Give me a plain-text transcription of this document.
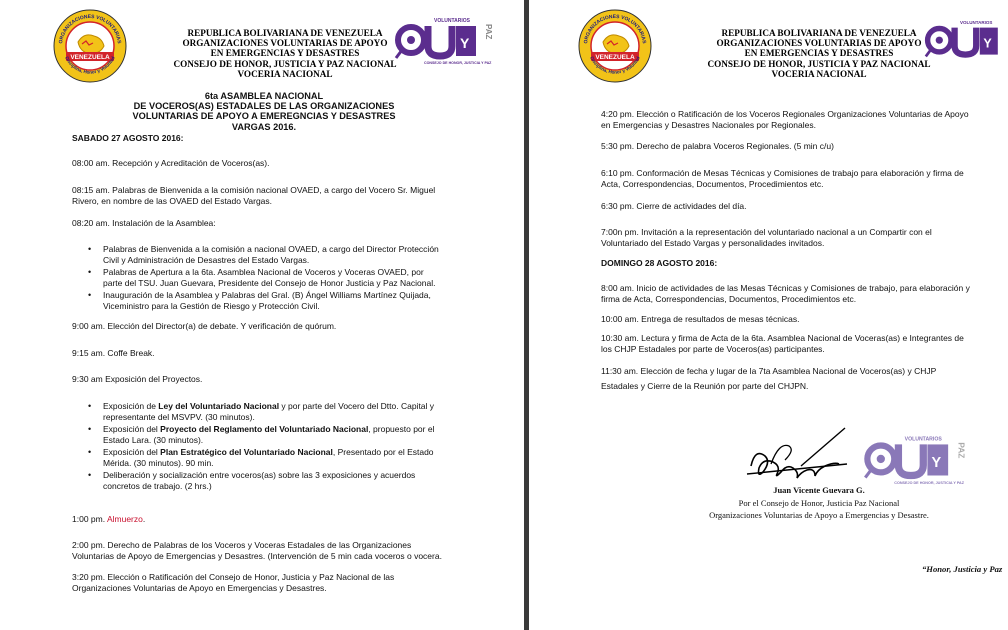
VENEZUELA
ORGANIZACIONES VOLUNTARIAS
Disciplina, Honor y Voluntad
REPUBLICA BOLIVARIANA DE VENEZUELA
ORGANIZACIONES VOLUNTARIAS DE APOYO
EN EMERGENCIAS Y DESASTRES
CONSEJO DE HONOR, JUSTICIA Y PAZ NACIONAL
VOCERIA NACIONAL
VOLUNTARIOS
Y
PAZ
CONSEJO DE HONOR, JUSTICIA Y PAZ
6ta ASAMBLEA NACIONAL
DE VOCEROS(AS) ESTADALES DE LAS ORGANIZACIONES
VOLUNTARIAS DE APOYO A EMEREGNCIAS Y DESASTRES
VARGAS 2016.
SABADO 27 AGOSTO 2016:
08:00 am. Recepción y Acreditación de Voceros(as).
08:15 am. Palabras de Bienvenida a la comisión nacional OVAED, a cargo del Vocero Sr. Miguel
Rivero, en nombre de las OVAED del Estado Vargas.
08:20 am. Instalación de la Asamblea:
• Palabras de Bienvenida a la comisión a nacional OVAED, a cargo del Director Protección
Civil y Administración de Desastres del Estado Vargas.
• Palabras de Apertura a la 6ta. Asamblea Nacional de Voceros y Voceras OVAED, por
parte del TSU. Juan Guevara, Presidente del Consejo de Honor Justicia y Paz Nacional.
• Inauguración de la Asamblea y Palabras del Gral. (B) Ángel Williams Martínez Quijada,
Viceministro para la Gestión de Riesgo y Protección Civil.
9:00 am. Elección del Director(a) de debate. Y verificación de quórum.
9:15 am. Coffe Break.
9:30 am Exposición del Proyectos.
• Exposición de Ley del Voluntariado Nacional y por parte del Vocero del Dtto. Capital y
representante del MSVPV. (30 minutos).
• Exposición del Proyecto del Reglamento del Voluntariado Nacional, propuesto por el
Estado Lara. (30 minutos).
• Exposición del Plan Estratégico del Voluntariado Nacional, Presentado por el Estado
Mérida. (30 minutos). 90 min.
• Deliberación y socialización entre voceros(as) sobre las 3 exposiciones y acuerdos
concretos de trabajo. (2 hrs.)
1:00 pm. Almuerzo.
2:00 pm. Derecho de Palabras de los Voceros y Voceras Estadales de las Organizaciones
Voluntarias de Apoyo de Emergencias y Desastres. (Intervención de 5 min cada voceros o vocera.
3:20 pm. Elección o Ratificación del Consejo de Honor, Justicia y Paz Nacional de las
Organizaciones Voluntarias de Apoyo en Emergencias y Desastres.
VENEZUELA
ORGANIZACIONES VOLUNTARIAS
Disciplina, Honor y Voluntad
REPUBLICA BOLIVARIANA DE VENEZUELA
ORGANIZACIONES VOLUNTARIAS DE APOYO
EN EMERGENCIAS Y DESASTRES
CONSEJO DE HONOR, JUSTICIA Y PAZ NACIONAL
VOCERIA NACIONAL
VOLUNTARIOS
Y
4:20 pm. Elección o Ratificación de los Voceros Regionales Organizaciones Voluntarias de Apoyo
en Emergencias y Desastres Nacionales por Regionales.
5:30 pm. Derecho de palabra Voceros Regionales. (5 min c/u)
6:10 pm. Conformación de Mesas Técnicas y Comisiones de trabajo para elaboración y firma de
Acta, Correspondencias, Documentos, Procedimientos etc.
6:30 pm. Cierre de actividades del día.
7:00n pm. Invitación a la representación del voluntariado nacional a un Compartir con el
Voluntariado del Estado Vargas y personalidades invitados.
DOMINGO 28 AGOSTO 2016:
8:00 am. Inicio de actividades de las Mesas Técnicas y Comisiones de trabajo, para elaboración y
firma de Acta, Correspondencias, Documentos, Procedimientos etc.
10:00 am. Entrega de resultados de mesas técnicas.
10:30 am. Lectura y firma de Acta de la 6ta. Asamblea Nacional de Voceras(as) e Integrantes de
los CHJP Estadales por parte de Voceros(as) participantes.
11:30 am. Elección de fecha y lugar de la 7ta Asamblea Nacional de Voceros(as) y CHJP
Estadales y Cierre de la Reunión por parte del CHJPN.
VOLUNTARIOS
Y
PAZ
CONSEJO DE HONOR, JUSTICIA Y PAZ
Juan Vicente Guevara G.
Por el Consejo de Honor, Justicia Paz Nacional
Organizaciones Voluntarias de Apoyo a Emergencias y Desastre.
“Honor, Justicia y Paz
